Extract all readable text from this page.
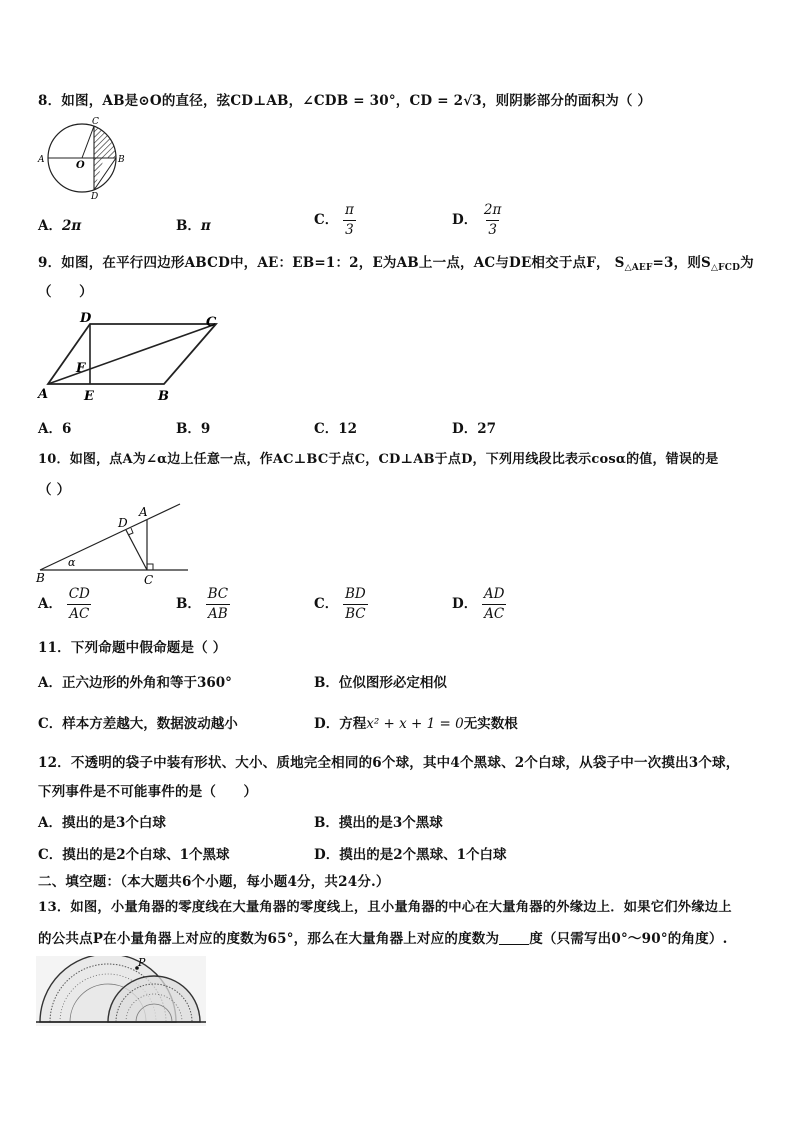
8．如图，AB是⊙O的直径，弦CD⊥AB，∠CDB = 30°，CD = 2√3，则阴影部分的面积为（ ）
A	B
C
D
O
A．2π	B．π	C． $\frac{\pi}{3}$	D． $\frac{2\pi}{3}$
9．如图，在平行四边形ABCD中，AE：EB=1：2，E为AB上一点，AC与DE相交于点F， $S_{\triangle AEF}=3$，则$S_{\triangle FCD}$为
（　　）
A	E	B
C
D
F
A．6	B．9	C．12	D．27
10．如图，点A为∠α边上任意一点，作AC⊥BC于点C，CD⊥AB于点D，下列用线段比表示cosα的值，错误的是
（ ）
B	C
A
D
α
A． $\frac{CD}{AC}$	B． $\frac{BC}{AB}$	C． $\frac{BD}{BC}$	D． $\frac{AD}{AC}$
11．下列命题中假命题是（ ）
A．正六边形的外角和等于360°	B．位似图形必定相似
C．样本方差越大，数据波动越小	D．方程x² + x + 1 = 0无实数根
12．不透明的袋子中装有形状、大小、质地完全相同的6个球，其中4个黑球、2个白球，从袋子中一次摸出3个球，
下列事件是不可能事件的是（　　）
A．摸出的是3个白球	B．摸出的是3个黑球
C．摸出的是2个白球、1个黑球	D．摸出的是2个黑球、1个白球
二、填空题：（本大题共6个小题，每小题4分，共24分.）
13．如图，小量角器的零度线在大量角器的零度线上，且小量角器的中心在大量角器的外缘边上．如果它们外缘边上
的公共点P在小量角器上对应的度数为65°，那么在大量角器上对应的度数为 度（只需写出0°～90°的角度）.
P
